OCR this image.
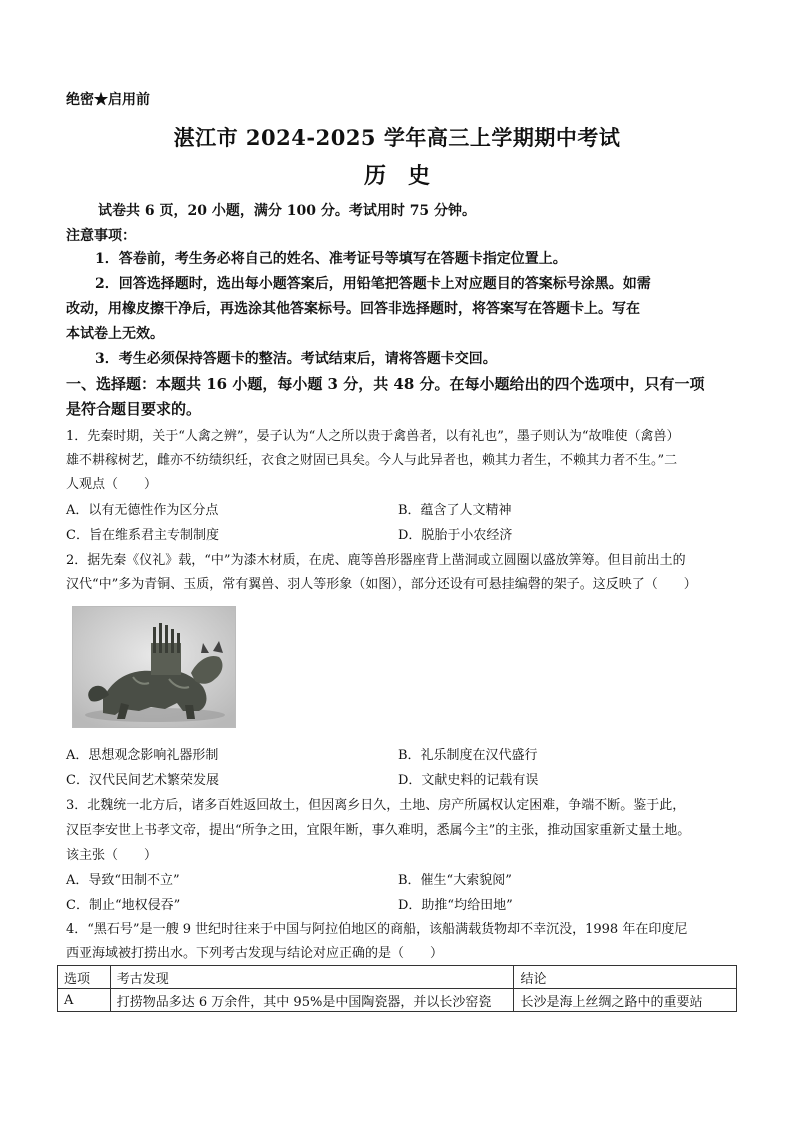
绝密★启用前
湛江市 2024-2025 学年高三上学期期中考试
历史
试卷共 6 页，20 小题，满分 100 分。考试用时 75 分钟。
注意事项：
1．答卷前，考生务必将自己的姓名、准考证号等填写在答题卡指定位置上。
2．回答选择题时，选出每小题答案后，用铅笔把答题卡上对应题目的答案标号涂黑。如需
改动，用橡皮擦干净后，再选涂其他答案标号。回答非选择题时，将答案写在答题卡上。写在
本试卷上无效。
3．考生必须保持答题卡的整洁。考试结束后，请将答题卡交回。
一、选择题：本题共 16 小题，每小题 3 分，共 48 分。在每小题给出的四个选项中，只有一项
是符合题目要求的。
1．先秦时期，关于“人禽之辨”，晏子认为“人之所以贵于禽兽者，以有礼也”，墨子则认为“故唯使（禽兽）
雄不耕稼树艺，雌亦不纺绩织纴，衣食之财固已具矣。今人与此异者也，赖其力者生，不赖其力者不生。”二
人观点（　　）
A．以有无德性作为区分点	B．蕴含了人文精神
C．旨在维系君主专制制度	D．脱胎于小农经济
2．据先秦《仪礼》载，“中”为漆木材质，在虎、鹿等兽形器座背上凿洞或立圆圈以盛放筭筹。但目前出土的
汉代“中”多为青铜、玉质，常有翼兽、羽人等形象（如图），部分还设有可悬挂编磬的架子。这反映了（　　）
A．思想观念影响礼器形制	B．礼乐制度在汉代盛行
C．汉代民间艺术繁荣发展	D．文献史料的记载有误
3．北魏统一北方后，诸多百姓返回故土，但因离乡日久，土地、房产所属权认定困难，争端不断。鉴于此，
汉臣李安世上书孝文帝，提出“所争之田，宜限年断，事久难明，悉属今主”的主张，推动国家重新丈量土地。
该主张（　　）
A．导致“田制不立”	B．催生“大索貌阅”
C．制止“地权侵吞”	D．助推“均给田地”
4．“黑石号”是一艘 9 世纪时往来于中国与阿拉伯地区的商船，该船满载货物却不幸沉没，1998 年在印度尼
西亚海域被打捞出水。下列考古发现与结论对应正确的是（　　）
选项	考古发现	结论
A	打捞物品多达 6 万余件，其中 95%是中国陶瓷器，并以长沙窑瓷	长沙是海上丝绸之路中的重要站
